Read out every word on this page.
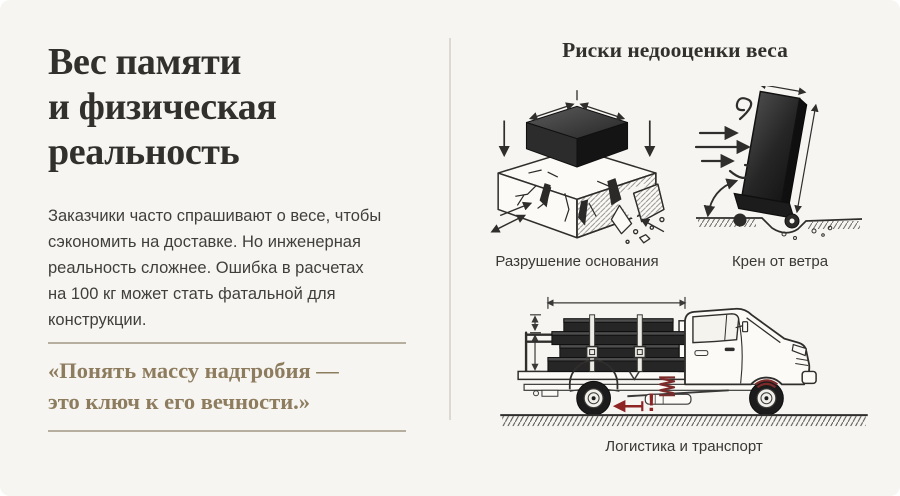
Вес памяти
и физическая
реальность

Заказчики часто спрашивают о весе, чтобы
сэкономить на доставке. Но инженерная
реальность сложнее. Ошибка в расчетах
на 100 кг может стать фатальной для
конструкции.

«Понять массу надгробия —
это ключ к его вечности.»
Риски недооценки веса
Разрушение основания	Крен от ветра
!
Логистика и транспорт
